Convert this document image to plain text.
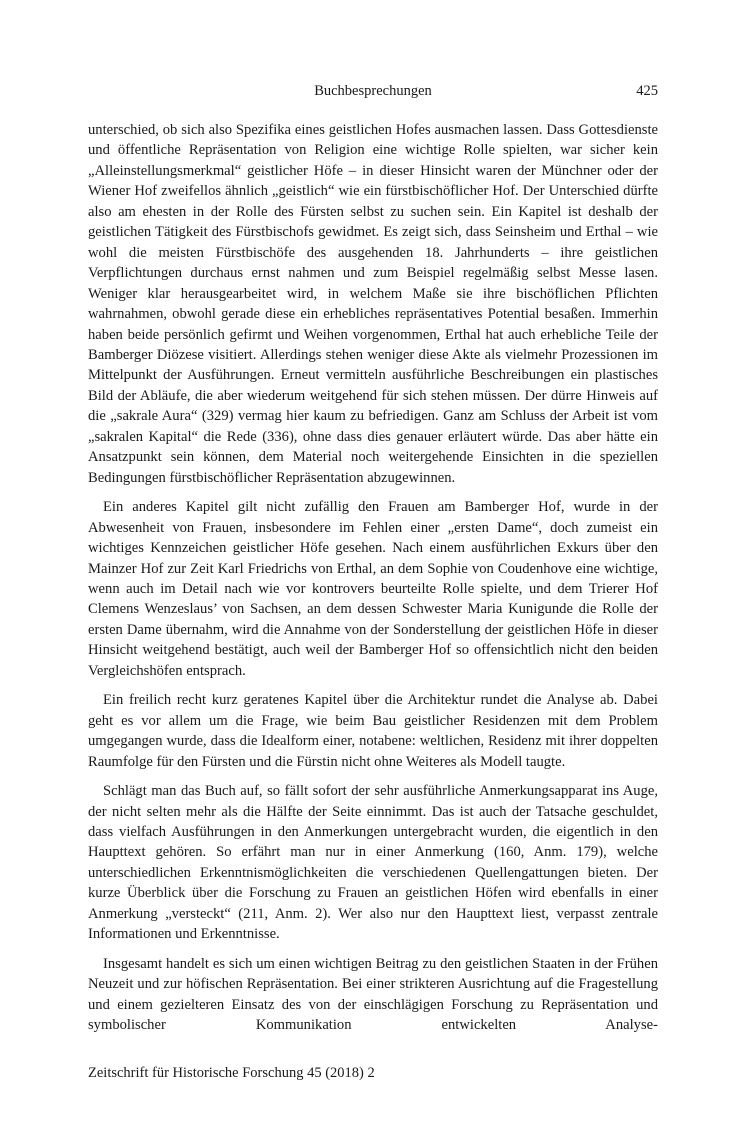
Buchbesprechungen	425

unterschied, ob sich also Spezifika eines geistlichen Hofes ausmachen lassen. Dass Gottesdienste und öffentliche Repräsentation von Religion eine wichtige Rolle spielten, war sicher kein „Alleinstellungsmerkmal“ geistlicher Höfe – in dieser Hinsicht waren der Münchner oder der Wiener Hof zweifellos ähnlich „geistlich“ wie ein fürstbischöflicher Hof. Der Unterschied dürfte also am ehesten in der Rolle des Fürsten selbst zu suchen sein. Ein Kapitel ist deshalb der geistlichen Tätigkeit des Fürstbischofs gewidmet. Es zeigt sich, dass Seinsheim und Erthal – wie wohl die meisten Fürstbischöfe des ausgehenden 18. Jahrhunderts – ihre geistlichen Verpflichtungen durchaus ernst nahmen und zum Beispiel regelmäßig selbst Messe lasen. Weniger klar herausgearbeitet wird, in welchem Maße sie ihre bischöflichen Pflichten wahrnahmen, obwohl gerade diese ein erhebliches repräsentatives Potential besaßen. Immerhin haben beide persönlich gefirmt und Weihen vorgenommen, Erthal hat auch erhebliche Teile der Bamberger Diözese visitiert. Allerdings stehen weniger diese Akte als vielmehr Prozessionen im Mittelpunkt der Ausführungen. Erneut vermitteln ausführliche Beschreibungen ein plastisches Bild der Abläufe, die aber wiederum weitgehend für sich stehen müssen. Der dürre Hinweis auf die „sakrale Aura“ (329) vermag hier kaum zu befriedigen. Ganz am Schluss der Arbeit ist vom „sakralen Kapital“ die Rede (336), ohne dass dies genauer erläutert würde. Das aber hätte ein Ansatzpunkt sein können, dem Material noch weitergehende Einsichten in die speziellen Bedingungen fürstbischöflicher Repräsentation abzugewinnen.

Ein anderes Kapitel gilt nicht zufällig den Frauen am Bamberger Hof, wurde in der Abwesenheit von Frauen, insbesondere im Fehlen einer „ersten Dame“, doch zumeist ein wichtiges Kennzeichen geistlicher Höfe gesehen. Nach einem ausführlichen Exkurs über den Mainzer Hof zur Zeit Karl Friedrichs von Erthal, an dem Sophie von Coudenhove eine wichtige, wenn auch im Detail nach wie vor kontrovers beurteilte Rolle spielte, und dem Trierer Hof Clemens Wenzeslaus’ von Sachsen, an dem dessen Schwester Maria Kunigunde die Rolle der ersten Dame übernahm, wird die Annahme von der Sonderstellung der geistlichen Höfe in dieser Hinsicht weitgehend bestätigt, auch weil der Bamberger Hof so offensichtlich nicht den beiden Vergleichshöfen entsprach.

Ein freilich recht kurz geratenes Kapitel über die Architektur rundet die Analyse ab. Dabei geht es vor allem um die Frage, wie beim Bau geistlicher Residenzen mit dem Problem umgegangen wurde, dass die Idealform einer, notabene: weltlichen, Residenz mit ihrer doppelten Raumfolge für den Fürsten und die Fürstin nicht ohne Weiteres als Modell taugte.

Schlägt man das Buch auf, so fällt sofort der sehr ausführliche Anmerkungsapparat ins Auge, der nicht selten mehr als die Hälfte der Seite einnimmt. Das ist auch der Tatsache geschuldet, dass vielfach Ausführungen in den Anmerkungen untergebracht wurden, die eigentlich in den Haupttext gehören. So erfährt man nur in einer Anmerkung (160, Anm. 179), welche unterschiedlichen Erkenntnismöglichkeiten die verschiedenen Quellengattungen bieten. Der kurze Überblick über die Forschung zu Frauen an geistlichen Höfen wird ebenfalls in einer Anmerkung „versteckt“ (211, Anm. 2). Wer also nur den Haupttext liest, verpasst zentrale Informationen und Erkenntnisse.

Insgesamt handelt es sich um einen wichtigen Beitrag zu den geistlichen Staaten in der Frühen Neuzeit und zur höfischen Repräsentation. Bei einer strikteren Ausrichtung auf die Fragestellung und einem gezielteren Einsatz des von der einschlägigen Forschung zu Repräsentation und symbolischer Kommunikation entwickelten Analyse-

Zeitschrift für Historische Forschung 45 (2018) 2
